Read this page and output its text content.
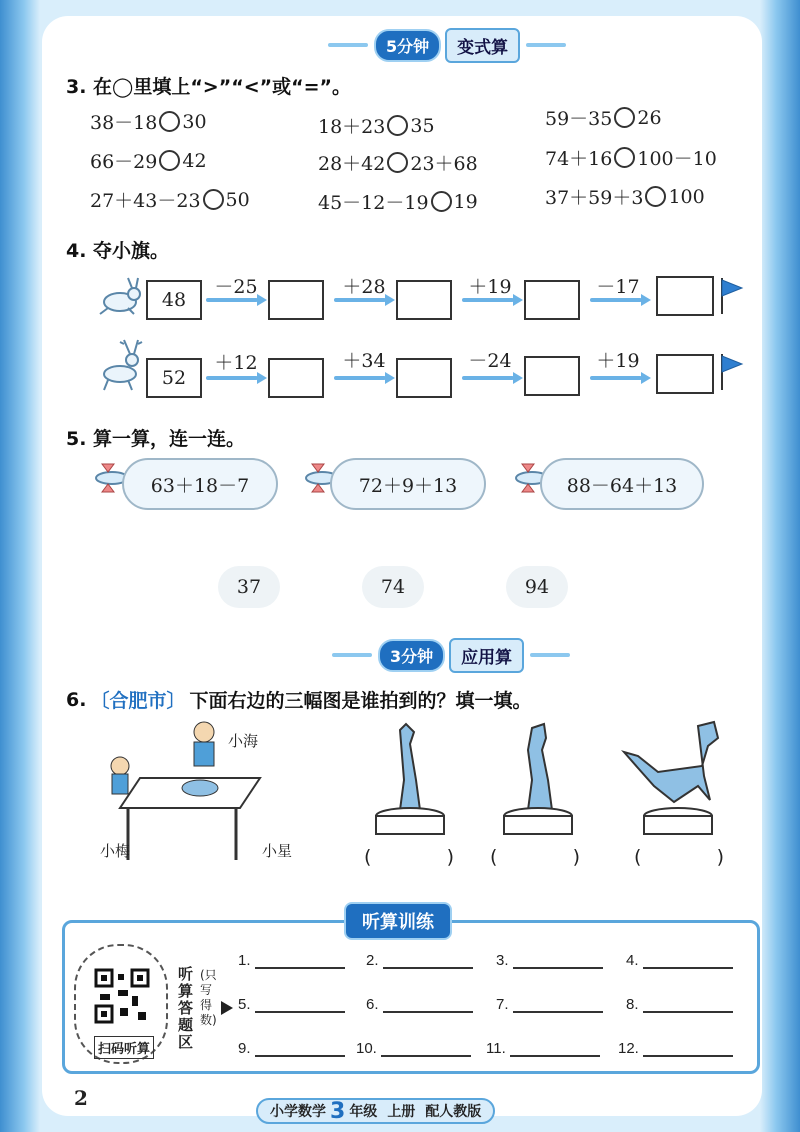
5分钟	变式算
3. 在◯里填上“>”“<”或“=”。
38－18 30	18＋23 35	59－35 26
66－29 42	28＋42 23＋68	74＋16 100－10
27＋43－23 50	45－12－19 19	37＋59＋3 100
4. 夺小旗。
48
－25	＋28	＋19	－17
52
＋12	＋34	－24	＋19
5. 算一算，连一连。
63＋18－7	72＋9＋13	88－64＋13
37	74	94
3分钟	应用算
6. 〔合肥市〕 下面右边的三幅图是谁拍到的？填一填。
小海
小梅	小星	(	) (	)	(	)
听算训练
扫码听算
听算答题区
(只写得数)
1.	2.	3.	4.
5.	6.	7.	8.
9.	10.	11.	12.
2
小学数学 3 年级 上册 配人教版
